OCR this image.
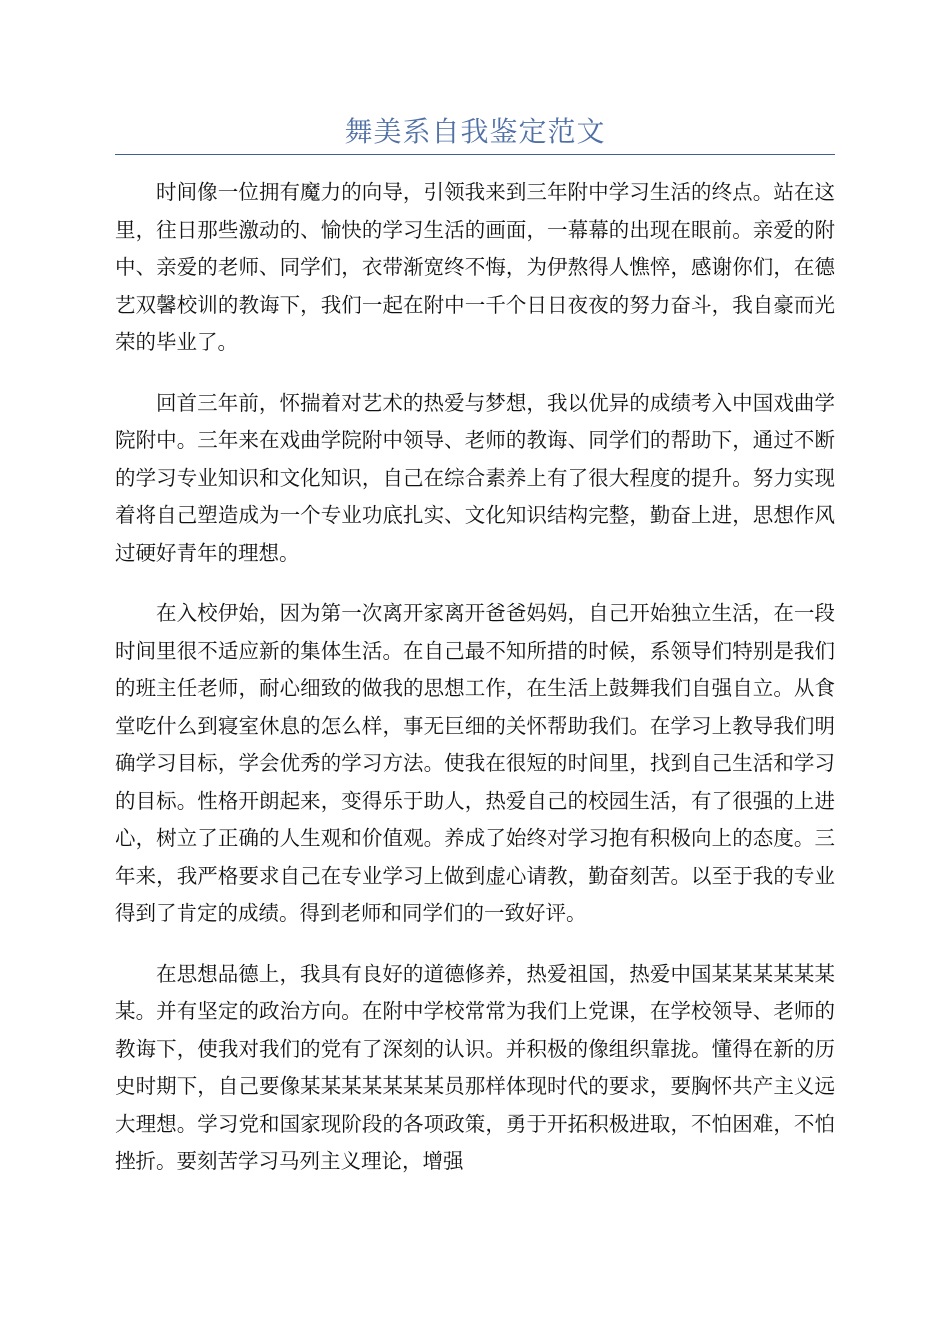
舞美系自我鉴定范文

时间像一位拥有魔力的向导，引领我来到三年附中学习生活的终点。站在这里，往日那些激动的、愉快的学习生活的画面，一幕幕的出现在眼前。亲爱的附中、亲爱的老师、同学们，衣带渐宽终不悔，为伊熬得人憔悴，感谢你们，在德艺双馨校训的教诲下，我们一起在附中一千个日日夜夜的努力奋斗，我自豪而光荣的毕业了。

回首三年前，怀揣着对艺术的热爱与梦想，我以优异的成绩考入中国戏曲学院附中。三年来在戏曲学院附中领导、老师的教诲、同学们的帮助下，通过不断的学习专业知识和文化知识，自己在综合素养上有了很大程度的提升。努力实现着将自己塑造成为一个专业功底扎实、文化知识结构完整，勤奋上进，思想作风过硬好青年的理想。

在入校伊始，因为第一次离开家离开爸爸妈妈，自己开始独立生活，在一段时间里很不适应新的集体生活。在自己最不知所措的时候，系领导们特别是我们的班主任老师，耐心细致的做我的思想工作，在生活上鼓舞我们自强自立。从食堂吃什么到寝室休息的怎么样，事无巨细的关怀帮助我们。在学习上教导我们明确学习目标，学会优秀的学习方法。使我在很短的时间里，找到自己生活和学习的目标。性格开朗起来，变得乐于助人，热爱自己的校园生活，有了很强的上进心，树立了正确的人生观和价值观。养成了始终对学习抱有积极向上的态度。三年来，我严格要求自己在专业学习上做到虚心请教，勤奋刻苦。以至于我的专业得到了肯定的成绩。得到老师和同学们的一致好评。

在思想品德上，我具有良好的道德修养，热爱祖国，热爱中国某某某某某某某。并有坚定的政治方向。在附中学校常常为我们上党课，在学校领导、老师的教诲下，使我对我们的党有了深刻的认识。并积极的像组织靠拢。懂得在新的历史时期下，自己要像某某某某某某某员那样体现时代的要求，要胸怀共产主义远大理想。学习党和国家现阶段的各项政策，勇于开拓积极进取，不怕困难，不怕挫折。要刻苦学习马列主义理论，增强
